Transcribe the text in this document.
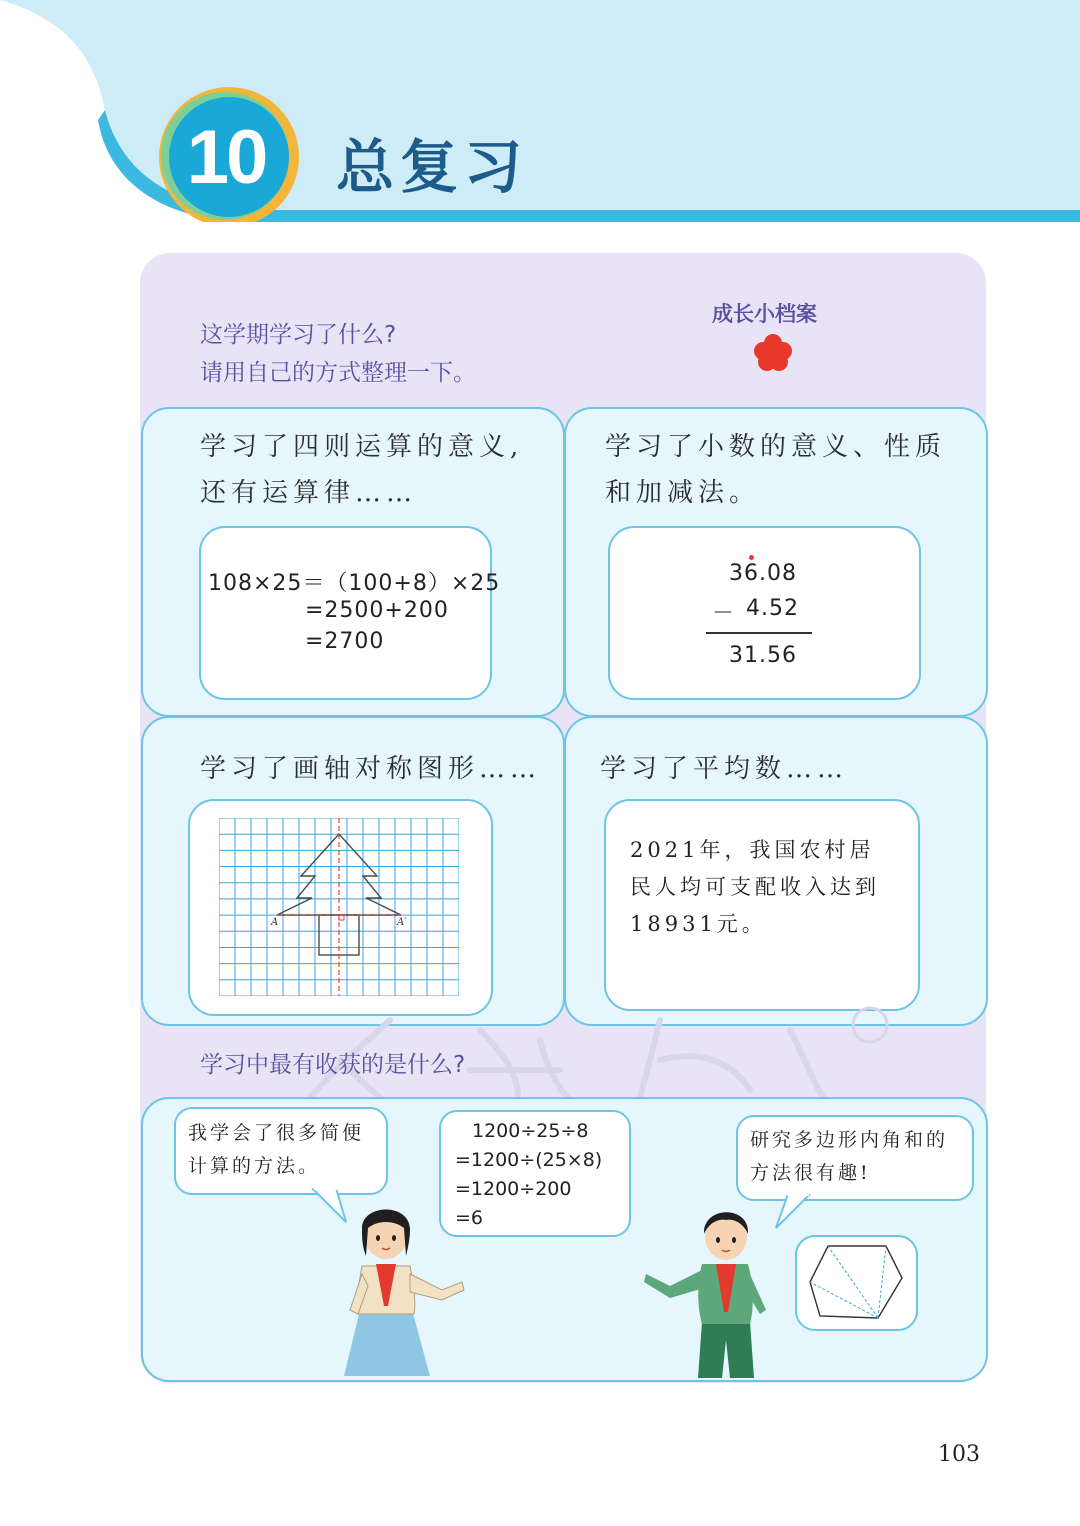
10	总复习
这学期学习了什么?
请用自己的方式整理一下。
成长小档案
学习了四则运算的意义,
还有运算律……
108×25＝（100+8）×25
=2500+200
=2700
学习了小数的意义、性质
和加减法。
36.08
－ 4.52
31.56
学习了画轴对称图形……
A	A′
学习了平均数……
2021年，我国农村居
民人均可支配收入达到
18931元。
学习中最有收获的是什么?
我学会了很多简便
计算的方法。
1200÷25÷8
=1200÷(25×8)
=1200÷200
=6
研究多边形内角和的
方法很有趣!
103
